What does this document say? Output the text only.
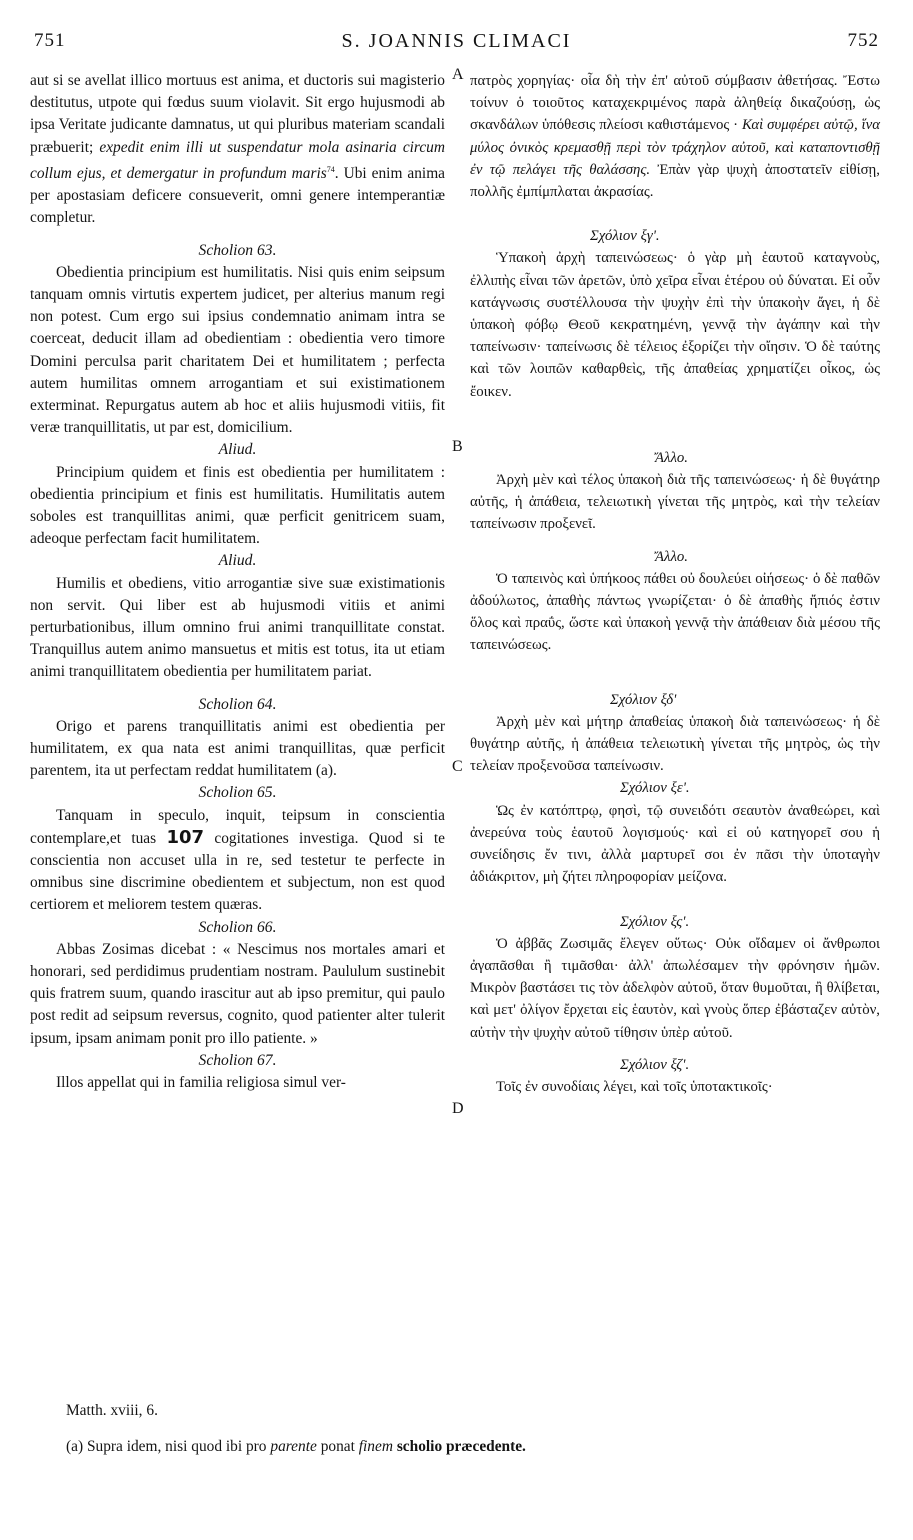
751	S. JOANNIS CLIMACI	752

aut si se avellat illico mortuus est anima, et ductoris sui magisterio destitutus, utpote qui fœdus suum violavit. Sit ergo hujusmodi ab ipsa Veritate judicante damnatus, ut qui pluribus materiam scandali præbuerit; expedit enim illi ut suspendatur mola asinaria circum collum ejus, et demergatur in profundum maris$^{74}$. Ubi enim anima per apostasiam deficere consueverit, omni genere intemperantiæ completur.

Scholion 63.

Obedientia principium est humilitatis. Nisi quis enim seipsum tanquam omnis virtutis expertem judicet, per alterius manum regi non potest. Cum ergo sui ipsius condemnatio animam intra se coerceat, deducit illam ad obedientiam : obedientia vero timore Domini perculsa parit charitatem Dei et humilitatem ; perfecta autem humilitas omnem arrogantiam et sui existimationem exterminat. Repurgatus autem ab hoc et aliis hujusmodi vitiis, fit veræ tranquillitatis, ut par est, domicilium.

Aliud.

Principium quidem et finis est obedientia per humilitatem : obedientia principium et finis est humilitatis. Humilitatis autem soboles est tranquillitas animi, quæ perficit genitricem suam, adeoque perfectam facit humilitatem.

Aliud.

Humilis et obediens, vitio arrogantiæ sive suæ existimationis non servit. Qui liber est ab hujusmodi vitiis et animi perturbationibus, illum omnino frui animi tranquillitate constat. Tranquillus autem animo mansuetus et mitis est totus, ita ut etiam animi tranquillitatem obedientia per humilitatem pariat.

Scholion 64.

Origo et parens tranquillitatis animi est obedientia per humilitatem, ex qua nata est animi tranquillitas, quæ perficit parentem, ita ut perfectam reddat humilitatem (a).

Scholion 65.

Tanquam in speculo, inquit, teipsum in conscientia contemplare,et tuas 107 cogitationes investiga. Quod si te conscientia non accuset ulla in re, sed testetur te perfecte in omnibus sine discrimine obedientem et subjectum, non est quod certiorem et meliorem testem quæras.

Scholion 66.

Abbas Zosimas dicebat : « Nescimus nos mortales amari et honorari, sed perdidimus prudentiam nostram. Paululum sustinebit quis fratrem suum, quando irascitur aut ab ipso premitur, qui paulo post redit ad seipsum reversus, cognito, quod patienter alter tulerit ipsum, ipsam animam ponit pro illo patiente. »

Scholion 67.

Illos appellat qui in familia religiosa simul ver-

A
B
C
D

πατρὸς χορηγίας· οἷα δὴ τὴν ἐπ' αὐτοῦ σύμβασιν ἀθετήσας. Ἔστω τοίνυν ὁ τοιοῦτος καταχεκριμένος παρὰ ἀληθείᾳ δικαζούσῃ, ὡς σκανδάλων ὑπόθεσις πλείοσι καθιστάμενος · Καὶ συμφέρει αὐτῷ, ἵνα μύλος ὀνικὸς κρεμασθῇ περὶ τὸν τράχηλον αὐτοῦ, καὶ καταποντισθῇ ἐν τῷ πελάγει τῆς θαλάσσης. Ἐπὰν γὰρ ψυχὴ ἀποστατεῖν εἰθίσῃ, πολλῆς ἐμπίμπλαται ἀκρασίας.

Σχόλιον ξγ'.

Ὑπακοὴ ἀρχὴ ταπεινώσεως· ὁ γὰρ μὴ ἑαυτοῦ καταγνοὺς, ἐλλιπὴς εἶναι τῶν ἀρετῶν, ὑπὸ χεῖρα εἶναι ἑτέρου οὐ δύναται. Εἰ οὖν κατάγνωσις συστέλλουσα τὴν ψυχὴν ἐπὶ τὴν ὑπακοὴν ἄγει, ἡ δὲ ὑπακοὴ φόβῳ Θεοῦ κεκρατημένη, γεννᾷ τὴν ἀγάπην καὶ τὴν ταπείνωσιν· ταπείνωσις δὲ τέλειος ἐξορίζει τὴν οἴησιν. Ὁ δὲ ταύτης καὶ τῶν λοιπῶν καθαρθεὶς, τῆς ἀπαθείας χρηματίζει οἶκος, ὡς ἔοικεν.

Ἄλλο.

Ἀρχὴ μὲν καὶ τέλος ὑπακοὴ διὰ τῆς ταπεινώσεως· ἡ δὲ θυγάτηρ αὐτῆς, ἡ ἀπάθεια, τελειωτικὴ γίνεται τῆς μητρὸς, καὶ τὴν τελείαν ταπείνωσιν προξενεῖ.

Ἄλλο.

Ὁ ταπεινὸς καὶ ὑπήκοος πάθει οὐ δουλεύει οἰήσεως· ὁ δὲ παθῶν ἀδούλωτος, ἀπαθὴς πάντως γνωρίζεται· ὁ δὲ ἀπαθὴς ἤπιός ἐστιν ὅλος καὶ πραΰς, ὥστε καὶ ὑπακοὴ γεννᾷ τὴν ἀπάθειαν διὰ μέσου τῆς ταπεινώσεως.

Σχόλιον ξδ'

Ἀρχὴ μὲν καὶ μήτηρ ἀπαθείας ὑπακοὴ διὰ ταπεινώσεως· ἡ δὲ θυγάτηρ αὐτῆς, ἡ ἀπάθεια τελειωτικὴ γίνεται τῆς μητρὸς, ὡς τὴν τελείαν προξενοῦσα ταπείνωσιν.

Σχόλιον ξε'.

Ὡς ἐν κατόπτρῳ, φησὶ, τῷ συνειδότι σεαυτὸν ἀναθεώρει, καὶ ἀνερεύνα τοὺς ἑαυτοῦ λογισμούς· καὶ εἰ οὐ κατηγορεῖ σου ἡ συνείδησις ἔν τινι, ἀλλὰ μαρτυρεῖ σοι ἐν πᾶσι τὴν ὑποταγὴν ἀδιάκριτον, μὴ ζήτει πληροφορίαν μείζονα.

Σχόλιον ξς'.

Ὁ ἀββᾶς Ζωσιμᾶς ἔλεγεν οὕτως· Οὐκ οἴδαμεν οἱ ἄνθρωποι ἀγαπᾶσθαι ἢ τιμᾶσθαι· ἀλλ' ἀπωλέσαμεν τὴν φρόνησιν ἡμῶν. Μικρὸν βαστάσει τις τὸν ἀδελφὸν αὐτοῦ, ὅταν θυμοῦται, ἢ θλίβεται, καὶ μετ' ὀλίγον ἔρχεται εἰς ἑαυτὸν, καὶ γνοὺς ὅπερ ἐβάσταζεν αὐτὸν, αὐτὴν τὴν ψυχὴν αὐτοῦ τίθησιν ὑπὲρ αὐτοῦ.

Σχόλιον ξζ'.

Τοῖς ἐν συνοδίαις λέγει, καὶ τοῖς ὑποτακτικοῖς·

Matth. xviii, 6.
(a) Supra idem, nisi quod ibi pro parente ponat finem scholio præcedente.
